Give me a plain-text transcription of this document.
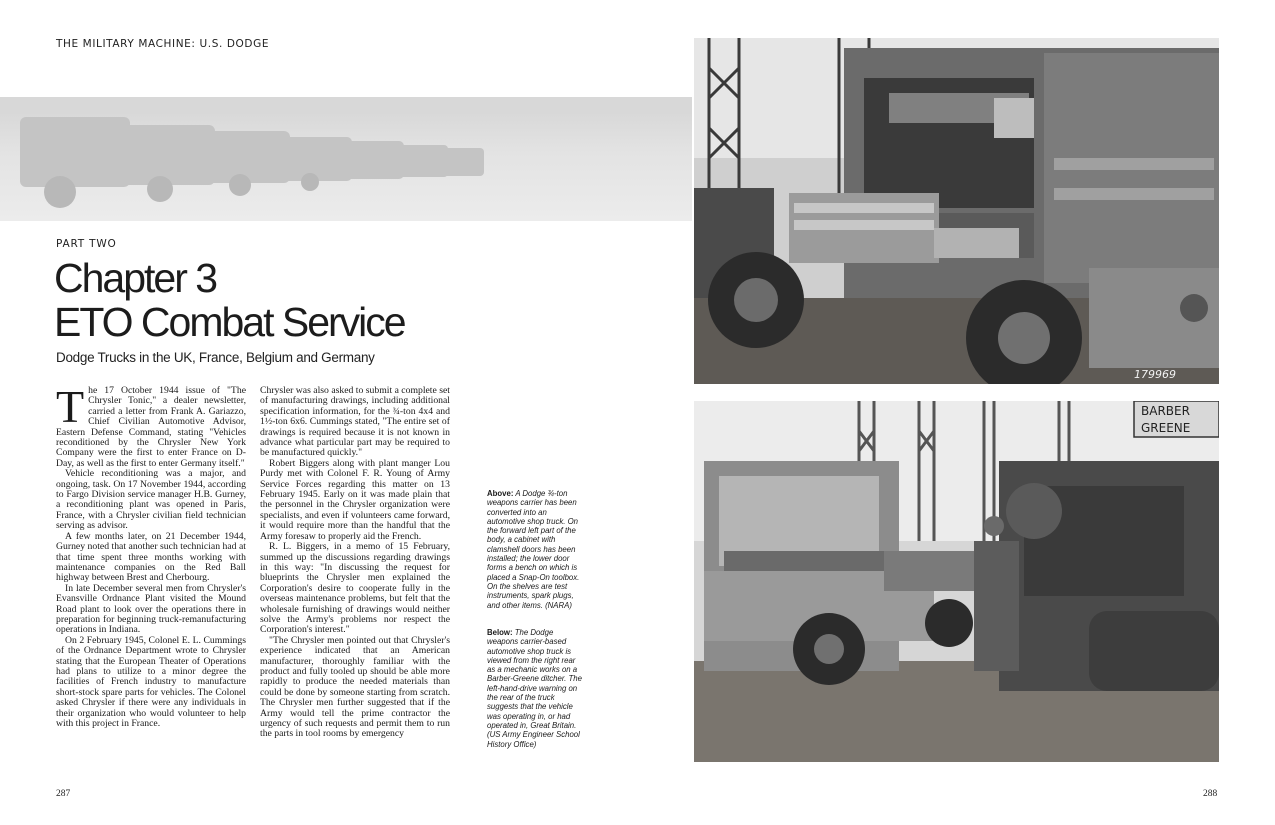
THE MILITARY MACHINE: U.S. DODGE
PART TWO
Chapter 3
ETO Combat Service
Dodge Trucks in the UK, France, Belgium and Germany

The 17 October 1944 issue of "The Chrysler Tonic," a dealer newsletter, carried a letter from Frank A. Gariazzo, Chief Civilian Automotive Advisor, Eastern Defense Command, stating "Vehicles reconditioned by the Chrysler New York Company were the first to enter France on D-Day, as well as the first to enter Germany itself."

Vehicle reconditioning was a major, and ongoing, task. On 17 November 1944, according to Fargo Division service manager H.B. Gurney, a reconditioning plant was opened in Paris, France, with a Chrysler civilian field technician serving as advisor.

A few months later, on 21 December 1944, Gurney noted that another such technician had at that time spent three months working with maintenance companies on the Red Ball highway between Brest and Cherbourg.

In late December several men from Chrysler's Evansville Ordnance Plant visited the Mound Road plant to look over the operations there in preparation for beginning truck-remanufacturing operations in Indiana.

On 2 February 1945, Colonel E. L. Cummings of the Ordnance Department wrote to Chrysler stating that the European Theater of Operations had plans to utilize to a minor degree the facilities of French industry to manufacture short-stock spare parts for vehicles. The Colonel asked Chrysler if there were any individuals in their organization who would volunteer to help with this project in France.

Chrysler was also asked to submit a complete set of manufacturing drawings, including additional specification information, for the ¾-ton 4x4 and 1½-ton 6x6. Cummings stated, "The entire set of drawings is required because it is not known in advance what particular part may be required to be manufactured quickly."

Robert Biggers along with plant manger Lou Purdy met with Colonel F. R. Young of Army Service Forces regarding this matter on 13 February 1945. Early on it was made plain that the personnel in the Chrysler organization were specialists, and even if volunteers came forward, it would require more than the handful that the Army foresaw to properly aid the French.

R. L. Biggers, in a memo of 15 February, summed up the discussions regarding drawings in this way: "In discussing the request for blueprints the Chrysler men explained the Corporation's desire to cooperate fully in the overseas maintenance problems, but felt that the wholesale furnishing of drawings would neither solve the Army's problems nor respect the Corporation's interest."

"The Chrysler men pointed out that Chrysler's experience indicated that an American manufacturer, thoroughly familiar with the product and fully tooled up should be able more rapidly to produce the needed materials than could be done by someone starting from scratch. The Chrysler men further suggested that if the Army would tell the prime contractor the urgency of such requests and permit them to run the parts in tool rooms by emergency

Above: A Dodge ¾-ton weapons carrier has been converted into an automotive shop truck. On the forward left part of the body, a cabinet with clamshell doors has been installed; the lower door forms a bench on which is placed a Snap-On toolbox. On the shelves are test instruments, spark plugs, and other items. (NARA)
Below: The Dodge weapons carrier-based automotive shop truck is viewed from the right rear as a mechanic works on a Barber-Greene ditcher. The left-hand-drive warning on the rear of the truck suggests that the vehicle was operating in, or had operated in, Great Britain. (US Army Engineer School History Office)
179969
BARBER
GREENE
287	288
